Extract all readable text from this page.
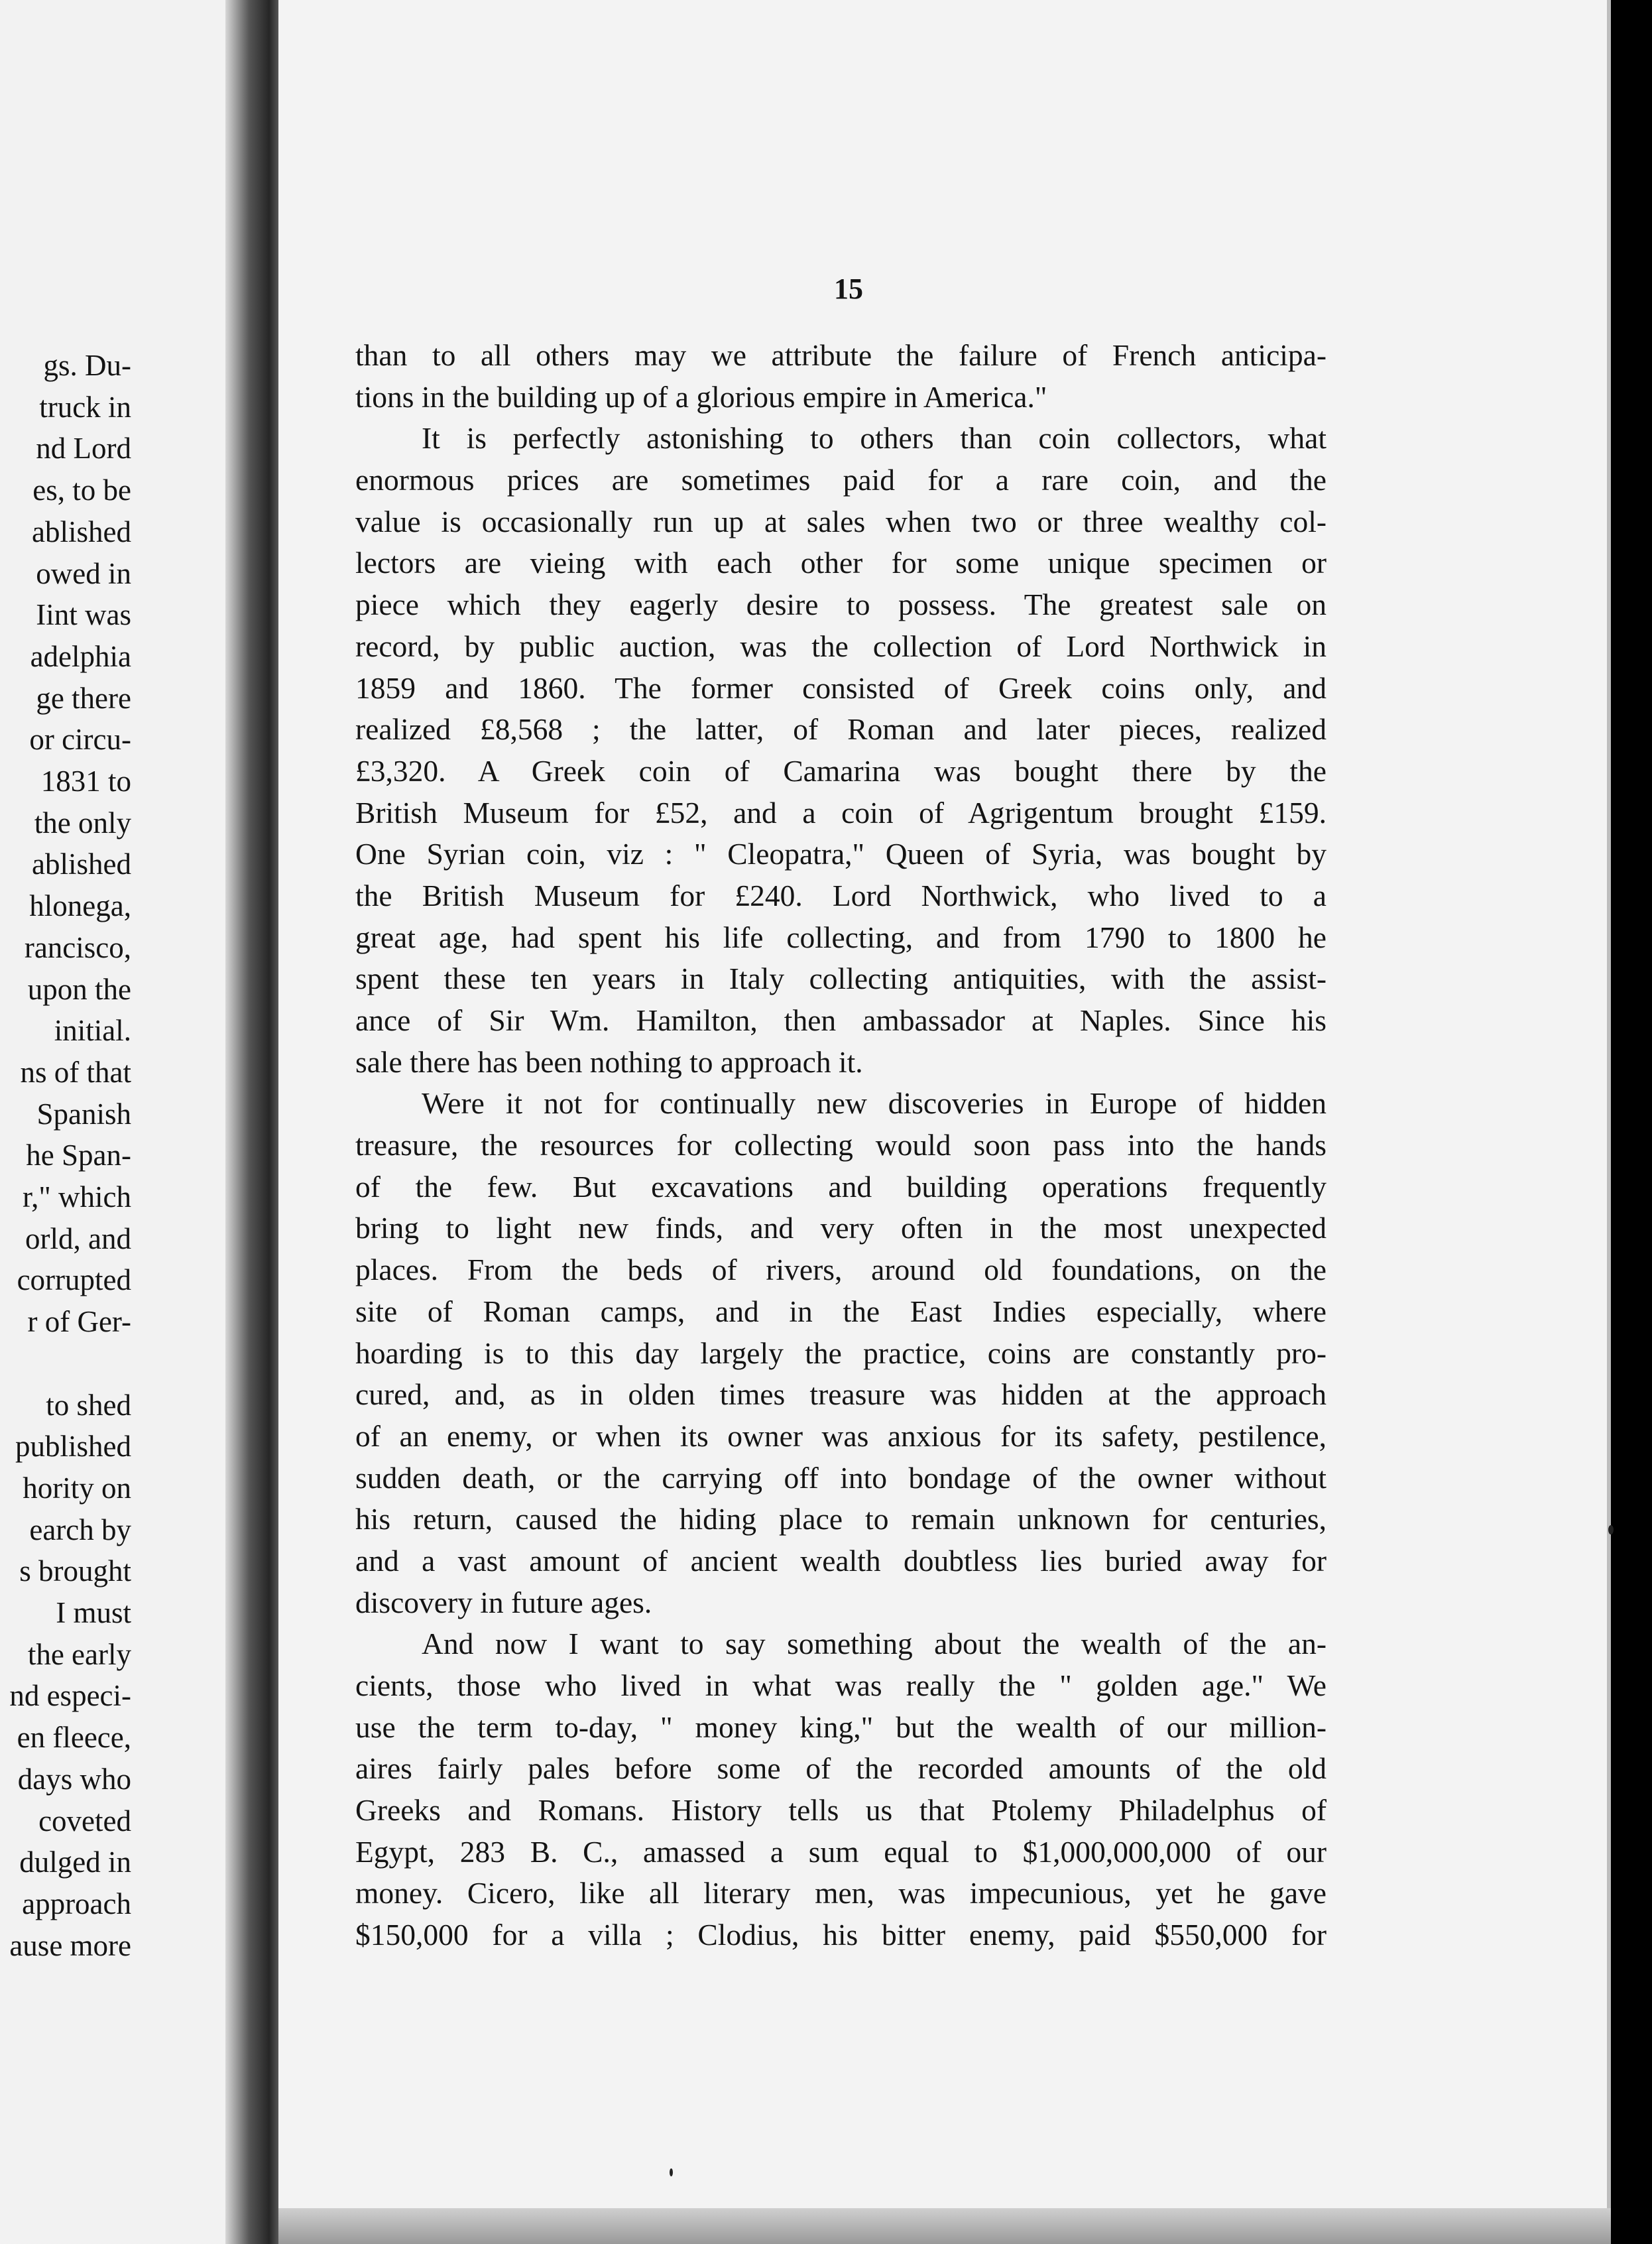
gs. Du-
truck in
nd Lord
es, to be
ablished
owed in
Iint was
adelphia
ge there
or circu-
1831 to
the only
ablished
hlonega,
rancisco,
upon the
initial.
ns of that
Spanish
he Span-
r," which
orld, and
corrupted
r of Ger-
to shed
published
hority on
earch by
s brought
I must
the early
nd especi-
en fleece,
days who
coveted
dulged in
approach
ause more
15
than to all others may we attribute the failure of French anticipa-
tions in the building up of a glorious empire in America."
It is perfectly astonishing to others than coin collectors, what
enormous prices are sometimes paid for a rare coin, and the
value is occasionally run up at sales when two or three wealthy col-
lectors are vieing with each other for some unique specimen or
piece which they eagerly desire to possess. The greatest sale on
record, by public auction, was the collection of Lord Northwick in
1859 and 1860. The former consisted of Greek coins only, and
realized £8,568 ; the latter, of Roman and later pieces, realized
£3,320. A Greek coin of Camarina was bought there by the
British Museum for £52, and a coin of Agrigentum brought £159.
One Syrian coin, viz : " Cleopatra," Queen of Syria, was bought by
the British Museum for £240. Lord Northwick, who lived to a
great age, had spent his life collecting, and from 1790 to 1800 he
spent these ten years in Italy collecting antiquities, with the assist-
ance of Sir Wm. Hamilton, then ambassador at Naples. Since his
sale there has been nothing to approach it.
Were it not for continually new discoveries in Europe of hidden
treasure, the resources for collecting would soon pass into the hands
of the few. But excavations and building operations frequently
bring to light new finds, and very often in the most unexpected
places. From the beds of rivers, around old foundations, on the
site of Roman camps, and in the East Indies especially, where
hoarding is to this day largely the practice, coins are constantly pro-
cured, and, as in olden times treasure was hidden at the approach
of an enemy, or when its owner was anxious for its safety, pestilence,
sudden death, or the carrying off into bondage of the owner without
his return, caused the hiding place to remain unknown for centuries,
and a vast amount of ancient wealth doubtless lies buried away for
discovery in future ages.
And now I want to say something about the wealth of the an-
cients, those who lived in what was really the " golden age." We
use the term to-day, " money king," but the wealth of our million-
aires fairly pales before some of the recorded amounts of the old
Greeks and Romans. History tells us that Ptolemy Philadelphus of
Egypt, 283 B. C., amassed a sum equal to $1,000,000,000 of our
money. Cicero, like all literary men, was impecunious, yet he gave
$150,000 for a villa ; Clodius, his bitter enemy, paid $550,000 for
